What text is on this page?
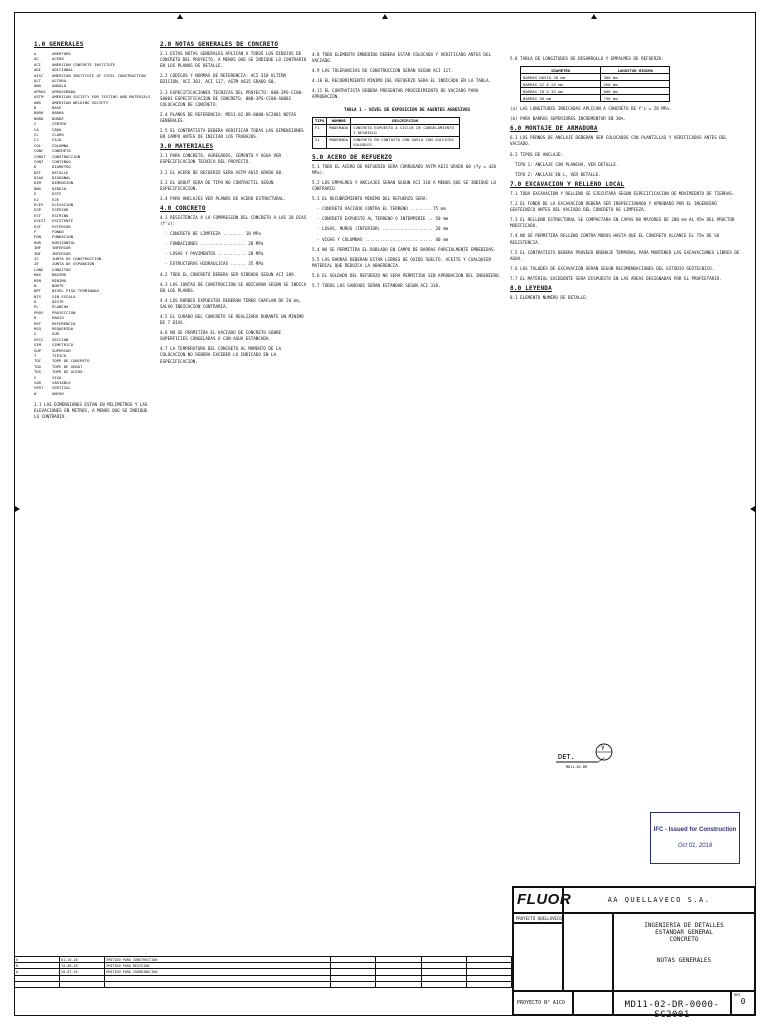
1.0 GENERALES
A	ABERTURA
AC	ACERO
ACI	AMERICAN CONCRETE INSTITUTE
ADI	ADICIONAL
AISC	AMERICAN INSTITUTE OF STEEL CONSTRUCTION
ALT	ALTURA
ANG	ANGULO
APROX	APROXIMADO
ASTM	AMERICAN SOCIETY FOR TESTING AND MATERIALS
AWS	AMERICAN WELDING SOCIETY
B	BASE
BARR	BARRA
BORD	BORDE
C	CENTRO
CA	CARA
CL	CLARO
CJ	CAJA
COL	COLUMNA
CONC	CONCRETO
CONST	CONSTRUCCION
CONT	CONTINUO
D	DIAMETRO
DET	DETALLE
DIAG	DIAGONAL
DIM	DIMENSION
DWG	DIBUJO
E	ESTE
EJ	EJE
ELEV	ELEVACION
ESP	ESPESOR
EST	ESTRIBO
EXIST	EXISTENTE
EXT	EXTERIOR
F	FONDO
FDN	FUNDACION
HOR	HORIZONTAL
INF	INFERIOR
INT	INTERIOR
JC	JUNTA DE CONSTRUCCION
JE	JUNTA DE EXPANSION
LONG	LONGITUD
MAX	MAXIMO
MIN	MINIMO
N	NORTE
NPT	NIVEL PISO TERMINADO
NTS	SIN ESCALA
O	OESTE
PL	PLANCHA
PROY	PROYECCION
R	RADIO
REF	REFERENCIA
REQ	REQUERIDO
S	SUR
SECC	SECCION
SIM	SIMETRICO
SUP	SUPERIOR
T	TIPICO
TOC	TOPE DE CONCRETO
TOG	TOPE DE GROUT
TOS	TOPE DE ACERO
V	VIGA
VAR	VARIABLE
VERT	VERTICAL
W	ANCHO
1.1 LAS DIMENSIONES ESTAN EN MILIMETROS Y LAS ELEVACIONES EN METROS, A MENOS QUE SE INDIQUE LO CONTRARIO.
2.0 NOTAS GENERALES DE CONCRETO
2.1 ESTAS NOTAS GENERALES APLICAN A TODOS LOS DIBUJOS DE CONCRETO DEL PROYECTO, A MENOS QUE SE INDIQUE LO CONTRARIO EN LOS PLANOS DE DETALLE.
2.2 CODIGOS Y NORMAS DE REFERENCIA: ACI 318 ULTIMA EDICION, ACI 301, ACI 117, ASTM A615 GRADO 60.
2.3 ESPECIFICACIONES TECNICAS DEL PROYECTO: 000-3PS-CC00-S0001 ESPECIFICACION DE CONCRETO, 000-3PS-CC00-S0002 COLOCACION DE CONCRETO.
2.4 PLANOS DE REFERENCIA: MD11-02-DR-0000-SC2001 NOTAS GENERALES.
2.5 EL CONTRATISTA DEBERA VERIFICAR TODAS LAS DIMENSIONES EN CAMPO ANTES DE INICIAR LOS TRABAJOS.
3.0 MATERIALES
3.1 PARA CONCRETO, AGREGADOS, CEMENTO Y AGUA VER ESPECIFICACION TECNICA DEL PROYECTO.
3.2 EL ACERO DE REFUERZO SERA ASTM A615 GRADO 60.
3.3 EL GROUT SERA DE TIPO NO CONTRACTIL SEGUN ESPECIFICACION.
3.4 PARA ANCLAJES VER PLANOS DE ACERO ESTRUCTURAL.
4.0 CONCRETO
4.1 RESISTENCIA A LA COMPRESION DEL CONCRETO A LOS 28 DIAS (f'c):
- CONCRETO DE LIMPIEZA ........ 10 MPa
- FUNDACIONES .................. 28 MPa
- LOSAS Y PAVIMENTOS ........... 28 MPa
- ESTRUCTURAS HIDRAULICAS ...... 35 MPa
4.2 TODO EL CONCRETO DEBERA SER VIBRADO SEGUN ACI 309.
4.3 LAS JUNTAS DE CONSTRUCCION SE UBICARAN SEGUN SE INDICA EN LOS PLANOS.
4.4 LOS BORDES EXPUESTOS DEBERAN TENER CHAFLAN DE 20 mm, SALVO INDICACION CONTRARIA.
4.5 EL CURADO DEL CONCRETO SE REALIZARA DURANTE UN MINIMO DE 7 DIAS.
4.6 NO SE PERMITIRA EL VACIADO DE CONCRETO SOBRE SUPERFICIES CONGELADAS O CON AGUA ESTANCADA.
4.7 LA TEMPERATURA DEL CONCRETO AL MOMENTO DE LA COLOCACION NO DEBERA EXCEDER LO INDICADO EN LA ESPECIFICACION.
4.8 TODO ELEMENTO EMBEBIDO DEBERA ESTAR COLOCADO Y VERIFICADO ANTES DEL VACIADO.
4.9 LAS TOLERANCIAS DE CONSTRUCCION SERAN SEGUN ACI 117.
4.10 EL RECUBRIMIENTO MINIMO DEL REFUERZO SERA EL INDICADO EN LA TABLA.
4.11 EL CONTRATISTA DEBERA PRESENTAR PROCEDIMIENTO DE VACIADO PARA APROBACION.
TABLA 1 - NIVEL DE EXPOSICION DE AGENTES AGRESIVOS
TIPO	NOMBRE	DESCRIPCION
F1	MODERADA	CONCRETO EXPUESTO A CICLOS DE CONGELAMIENTO Y DESHIELO
S1	MODERADA	CONCRETO EN CONTACTO CON SUELO CON SULFATOS SOLUBLES
5.0 ACERO DE REFUERZO
5.1 TODO EL ACERO DE REFUERZO SERA CORRUGADO ASTM A615 GRADO 60 (fy = 420 MPa).
5.2 LOS EMPALMES Y ANCLAJES SERAN SEGUN ACI 318 A MENOS QUE SE INDIQUE LO CONTRARIO.
5.3 EL RECUBRIMIENTO MINIMO DEL REFUERZO SERA:
- CONCRETO VACIADO CONTRA EL TERRENO ........ 75 mm
- CONCRETO EXPUESTO AL TERRENO O INTEMPERIE .. 50 mm
- LOSAS, MUROS (INTERIOR) .................... 20 mm
- VIGAS Y COLUMNAS ........................... 40 mm
5.4 NO SE PERMITIRA EL DOBLADO EN CAMPO DE BARRAS PARCIALMENTE EMBEBIDAS.
5.5 LAS BARRAS DEBERAN ESTAR LIBRES DE OXIDO SUELTO, ACEITE Y CUALQUIER MATERIAL QUE REDUZCA LA ADHERENCIA.
5.6 EL SOLDADO DEL REFUERZO NO SERA PERMITIDO SIN APROBACION DEL INGENIERO.
5.7 TODOS LOS GANCHOS SERAN ESTANDAR SEGUN ACI 318.
5.8 TABLA DE LONGITUDES DE DESARROLLO Y EMPALMES DE REFUERZO:
DIAMETRO	LONGITUD MINIMA
BARRAS HASTA 20 mm	300 mm
BARRAS 22 A 25 mm	450 mm
BARRAS 28 A 32 mm	600 mm
BARRAS 36 mm	750 mm
(a) LAS LONGITUDES INDICADAS APLICAN A CONCRETO DE f'c = 28 MPa.
(b) PARA BARRAS SUPERIORES INCREMENTAR EN 30%.
6.0 MONTAJE DE ARMADURA
6.1 LOS PERNOS DE ANCLAJE DEBERAN SER COLOCADOS CON PLANTILLAS Y VERIFICADOS ANTES DEL VACIADO.
6.2 TIPOS DE ANCLAJE:
TIPO 1: ANCLAJE CON PLANCHA, VER DETALLE.
TIPO 2: ANCLAJE EN L, VER DETALLE.
7.0 EXCAVACION Y RELLENO LOCAL
7.1 TODA EXCAVACION Y RELLENO SE EJECUTARA SEGUN ESPECIFICACION DE MOVIMIENTO DE TIERRAS.
7.2 EL FONDO DE LA EXCAVACION DEBERA SER INSPECCIONADO Y APROBADO POR EL INGENIERO GEOTECNICO ANTES DEL VACIADO DEL CONCRETO DE LIMPIEZA.
7.3 EL RELLENO ESTRUCTURAL SE COMPACTARA EN CAPAS NO MAYORES DE 200 mm AL 95% DEL PROCTOR MODIFICADO.
7.4 NO SE PERMITIRA RELLENO CONTRA MUROS HASTA QUE EL CONCRETO ALCANCE EL 75% DE SU RESISTENCIA.
7.5 EL CONTRATISTA DEBERA PROVEER DRENAJE TEMPORAL PARA MANTENER LAS EXCAVACIONES LIBRES DE AGUA.
7.6 LOS TALUDES DE EXCAVACION SERAN SEGUN RECOMENDACIONES DEL ESTUDIO GEOTECNICO.
7.7 EL MATERIAL EXCEDENTE SERA DISPUESTO EN LAS AREAS DESIGNADAS POR EL PROPIETARIO.
8.0 LEYENDA
8.1 ELEMENTO NUMERO DE DETALLE:
DET.
Y
MD11-02-DR
IFC - Issued for Construction
Oct 01, 2018
0	01-10-18	EMITIDO PARA CONSTRUCCION				
B	15-08-18	EMITIDO PARA REVISION				
A	20-07-18	EMITIDO PARA COORDINACION				

FLUOR	AA QUELLAVECO S.A.
PROYECTO QUELLAVECO
INGENIERIA DE DETALLES
ESTANDAR GENERAL
CONCRETO
NOTAS GENERALES
PROYECTO N° A1CO	MD11-02-DR-0000-SC2001
REV
0
